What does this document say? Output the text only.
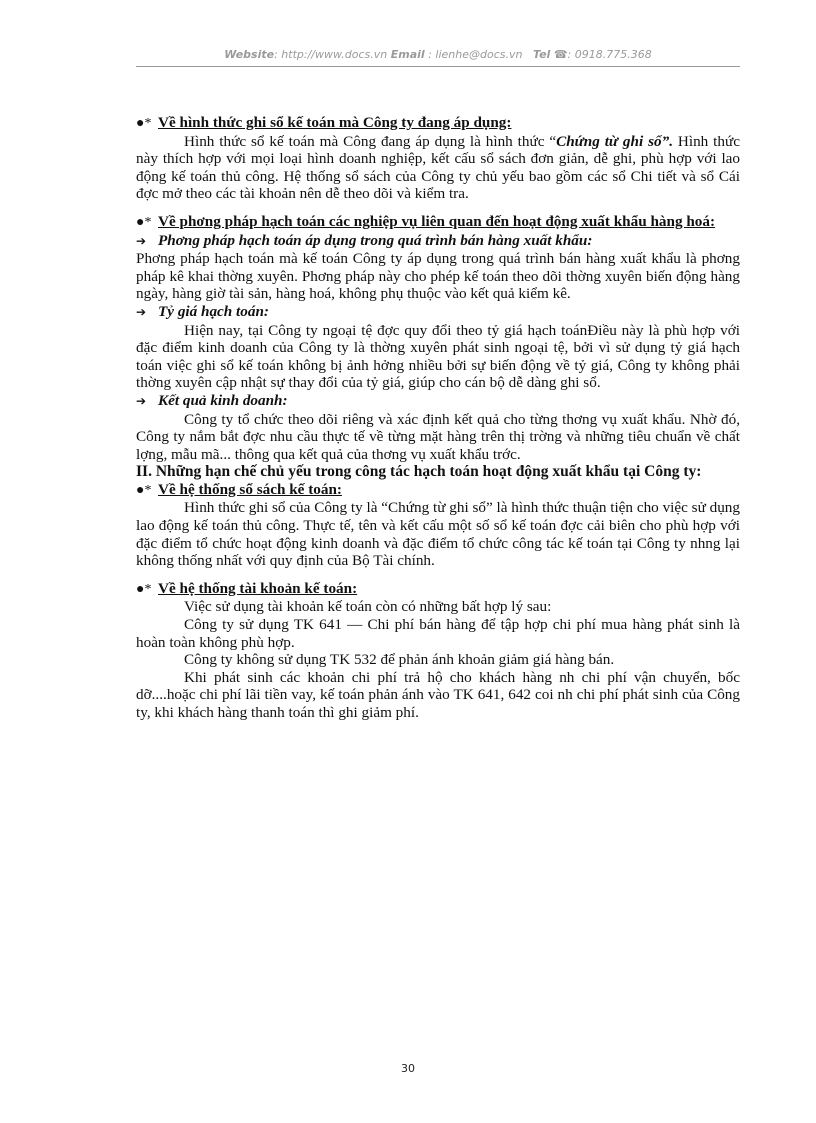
Website: http://www.docs.vn Email : lienhe@docs.vn Tel ☎: 0918.775.368

●* Về hình thức ghi sổ kế toán mà Công ty đang áp dụng:

Hình thức sổ kế toán mà Công đang áp dụng là hình thức “Chứng từ ghi sổ”. Hình thức này thích hợp với mọi loại hình doanh nghiệp, kết cấu sổ sách đơn giản, dễ ghi, phù hợp với lao động kế toán thủ công. Hệ thống sổ sách của Công ty chủ yếu bao gồm các sổ Chi tiết và sổ Cái đợc mở theo các tài khoản nên dễ theo dõi và kiểm tra.

●* Về phơng pháp hạch toán các nghiệp vụ liên quan đến hoạt động xuất khẩu hàng hoá:

➔ Phơng pháp hạch toán áp dụng trong quá trình bán hàng xuất khẩu:

Phơng pháp hạch toán mà kế toán Công ty áp dụng trong quá trình bán hàng xuất khẩu là phơng pháp kê khai thờng xuyên. Phơng pháp này cho phép kế toán theo dõi thờng xuyên biến động hàng ngày, hàng giờ tài sản, hàng hoá, không phụ thuộc vào kết quả kiểm kê.

➔ Tỷ giá hạch toán:

Hiện nay, tại Công ty ngoại tệ đợc quy đổi theo tỷ giá hạch toánĐiều này là phù hợp với đặc điểm kinh doanh của Công ty là thờng xuyên phát sinh ngoại tệ, bởi vì sử dụng tỷ giá hạch toán việc ghi sổ kế toán không bị ảnh hởng nhiều bởi sự biến động về tỷ giá, Công ty không phải thờng xuyên cập nhật sự thay đổi của tỷ giá, giúp cho cán bộ dễ dàng ghi sổ.

➔ Kết quả kinh doanh:

Công ty tổ chức theo dõi riêng và xác định kết quả cho từng thơng vụ xuất khẩu. Nhờ đó, Công ty nắm bắt đợc nhu cầu thực tế về từng mặt hàng trên thị trờng và những tiêu chuẩn về chất lợng, mẫu mã... thông qua kết quả của thơng vụ xuất khẩu trớc.

II. Những hạn chế chủ yếu trong công tác hạch toán hoạt động xuất khẩu tại Công ty:

●* Về hệ thống sổ sách kế toán:

Hình thức ghi sổ của Công ty là “Chứng từ ghi sổ” là hình thức thuận tiện cho việc sử dụng lao động kế toán thủ công. Thực tế, tên và kết cấu một số sổ kế toán đợc cải biên cho phù hợp với đặc điểm tổ chức hoạt động kinh doanh và đặc điểm tổ chức công tác kế toán tại Công ty nhng lại không thống nhất với quy định của Bộ Tài chính.

●* Về hệ thống tài khoản kế toán:

Việc sử dụng tài khoản kế toán còn có những bất hợp lý sau:

Công ty sử dụng TK 641 — Chi phí bán hàng để tập hợp chi phí mua hàng phát sinh là hoàn toàn không phù hợp.

Công ty không sử dụng TK 532 để phản ánh khoản giảm giá hàng bán.

Khi phát sinh các khoản chi phí trả hộ cho khách hàng nh chi phí vận chuyển, bốc dỡ....hoặc chi phí lãi tiền vay, kế toán phản ánh vào TK 641, 642 coi nh chi phí phát sinh của Công ty, khi khách hàng thanh toán thì ghi giảm phí.

30
